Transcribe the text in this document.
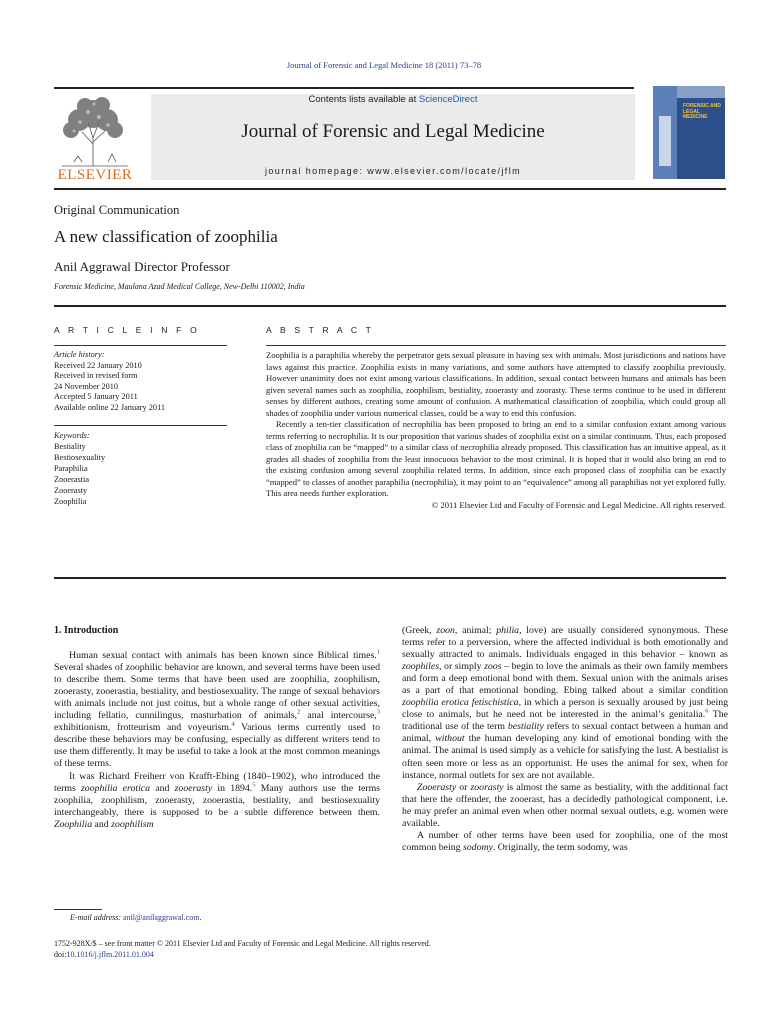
Journal of Forensic and Legal Medicine 18 (2011) 73–78
ELSEVIER
Contents lists available at ScienceDirect
Journal of Forensic and Legal Medicine
journal homepage: www.elsevier.com/locate/jflm
FORENSIC AND LEGAL MEDICINE
Original Communication
A new classification of zoophilia
Anil Aggrawal Director Professor
Forensic Medicine, Maulana Azad Medical College, New-Delhi 110002, India
A R T I C L E I N F O	A B S T R A C T
Article history:
Received 22 January 2010
Received in revised form
24 November 2010
Accepted 5 January 2011
Available online 22 January 2011
Keywords:
Bestiality
Bestiosexuality
Paraphilia
Zooerastia
Zooerasty
Zoophilia

Zoophilia is a paraphilia whereby the perpetrator gets sexual pleasure in having sex with animals. Most jurisdictions and nations have laws against this practice. Zoophilia exists in many variations, and some authors have attempted to classify zoophilia previously. However unanimity does not exist among various classifications. In addition, sexual contact between humans and animals has been given several names such as zoophilia, zoophilism, bestiality, zooerasty and zoorasty. These terms continue to be used in different senses by different authors, creating some amount of confusion. A mathematical classification of zoophilia, which could group all shades of zoophilia under various numerical classes, could be a way to end this confusion.

Recently a ten-tier classification of necrophilia has been proposed to bring an end to a similar confusion extant among various terms referring to necrophilia. It is our proposition that various shades of zoophilia exist on a similar continuum. Thus, each proposed class of zoophilia can be “mapped” to a similar class of necrophilia already proposed. This classification has an intuitive appeal, as it grades all shades of zoophilia from the least innocuous behavior to the most criminal. It is hoped that it would also bring an end to the existing confusion among several zoophilia related terms. In addition, since each proposed class of zoophilia can be exactly “mapped” to classes of another paraphilia (necrophilia), it may point to an “equivalence” among all paraphilias not yet explored fully. This area needs further exploration.

© 2011 Elsevier Ltd and Faculty of Forensic and Legal Medicine. All rights reserved.

1. Introduction

Human sexual contact with animals has been known since Biblical times.$^1$ Several shades of zoophilic behavior are known, and several terms have been used to describe them. Some terms that have been used are zoophilia, zoophilism, zooerasty, zooerastia, bestiality, and bestiosexuality. The range of sexual behaviors with animals include not just coitus, but a whole range of other sexual activities, including fellatio, cunnilingus, masturbation of animals,$^2$ anal intercourse,$^3$ exhibitionism, frotteurism and voyeurism.$^4$ Various terms currently used to describe these behaviors may be confusing, especially as different writers tend to use them differently. It may be useful to take a look at the most common meanings of these terms.

It was Richard Freiherr von Krafft-Ebing (1840–1902), who introduced the terms zoophilia erotica and zooerasty in 1894.$^5$ Many authors use the terms zoophilia, zoophilism, zooerasty, zooerastia, bestiality, and bestiosexuality interchangeably, there is supposed to be a subtle difference between them. Zoophilia and zoophilism

(Greek, zoon, animal; philia, love) are usually considered synonymous. These terms refer to a perversion, where the affected individual is both emotionally and sexually attracted to animals. Individuals engaged in this behavior – known as zoophiles, or simply zoos – begin to love the animals as their own family members and form a deep emotional bond with them. Sexual union with the animals arises as a part of that emotional bonding. Ebing talked about a similar condition zoophilia erotica fetischistica, in which a person is sexually aroused by just being close to animals, but he need not be interested in the animal’s genitalia.$^6$ The traditional use of the term bestiality refers to sexual contact between a human and animal, without the human developing any kind of emotional bonding with the animal. The animal is used simply as a vehicle for satisfying the lust. A bestialist is often seen more or less as an opportunist. He uses the animal for sex, when for instance, normal outlets for sex are not available.

Zooerasty or zoorasty is almost the same as bestiality, with the additional fact that here the offender, the zooerast, has a decidedly pathological component, i.e. he may prefer an animal even when other normal sexual outlets, e.g. women were available.

A number of other terms have been used for zoophilia, one of the most common being sodomy. Originally, the term sodomy, was

E-mail address: anil@anilaggrawal.com.
1752-928X/$ – see front matter © 2011 Elsevier Ltd and Faculty of Forensic and Legal Medicine. All rights reserved.
doi:10.1016/j.jflm.2011.01.004
